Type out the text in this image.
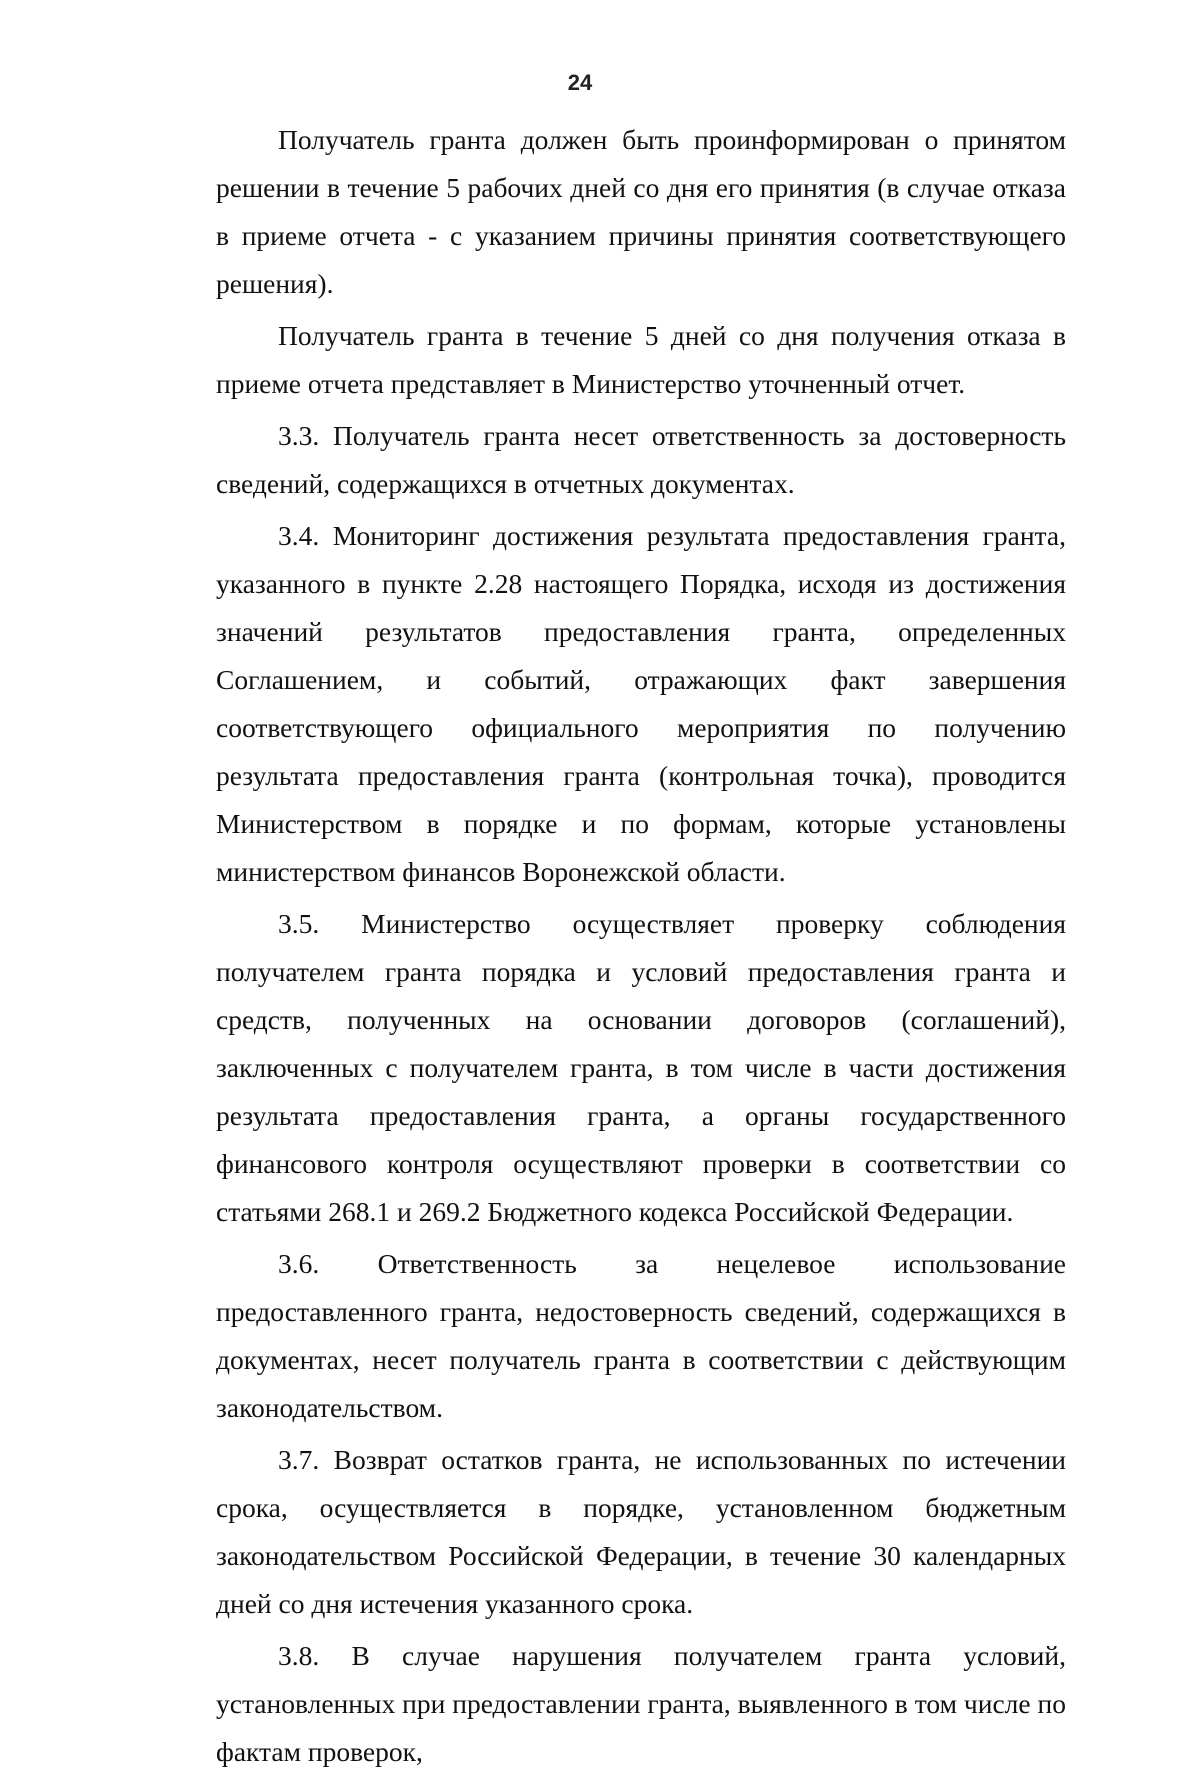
24

Получатель гранта должен быть проинформирован о принятом решении в течение 5 рабочих дней со дня его принятия (в случае отказа в приеме отчета - с указанием причины принятия соответствующего решения).

Получатель гранта в течение 5 дней со дня получения отказа в приеме отчета представляет в Министерство уточненный отчет.

3.3. Получатель гранта несет ответственность за достоверность сведений, содержащихся в отчетных документах.

3.4. Мониторинг достижения результата предоставления гранта, указанного в пункте 2.28 настоящего Порядка, исходя из достижения значений результатов предоставления гранта, определенных Соглашением, и событий, отражающих факт завершения соответствующего официального мероприятия по получению результата предоставления гранта (контрольная точка), проводится Министерством в порядке и по формам, которые установлены министерством финансов Воронежской области.

3.5. Министерство осуществляет проверку соблюдения получателем гранта порядка и условий предоставления гранта и средств, полученных на основании договоров (соглашений), заключенных с получателем гранта, в том числе в части достижения результата предоставления гранта, а органы государственного финансового контроля осуществляют проверки в соответствии со статьями 268.1 и 269.2 Бюджетного кодекса Российской Федерации.

3.6. Ответственность за нецелевое использование предоставленного гранта, недостоверность сведений, содержащихся в документах, несет получатель гранта в соответствии с действующим законодательством.

3.7. Возврат остатков гранта, не использованных по истечении срока, осуществляется в порядке, установленном бюджетным законодательством Российской Федерации, в течение 30 календарных дней со дня истечения указанного срока.

3.8. В случае нарушения получателем гранта условий, установленных при предоставлении гранта, выявленного в том числе по фактам проверок,
